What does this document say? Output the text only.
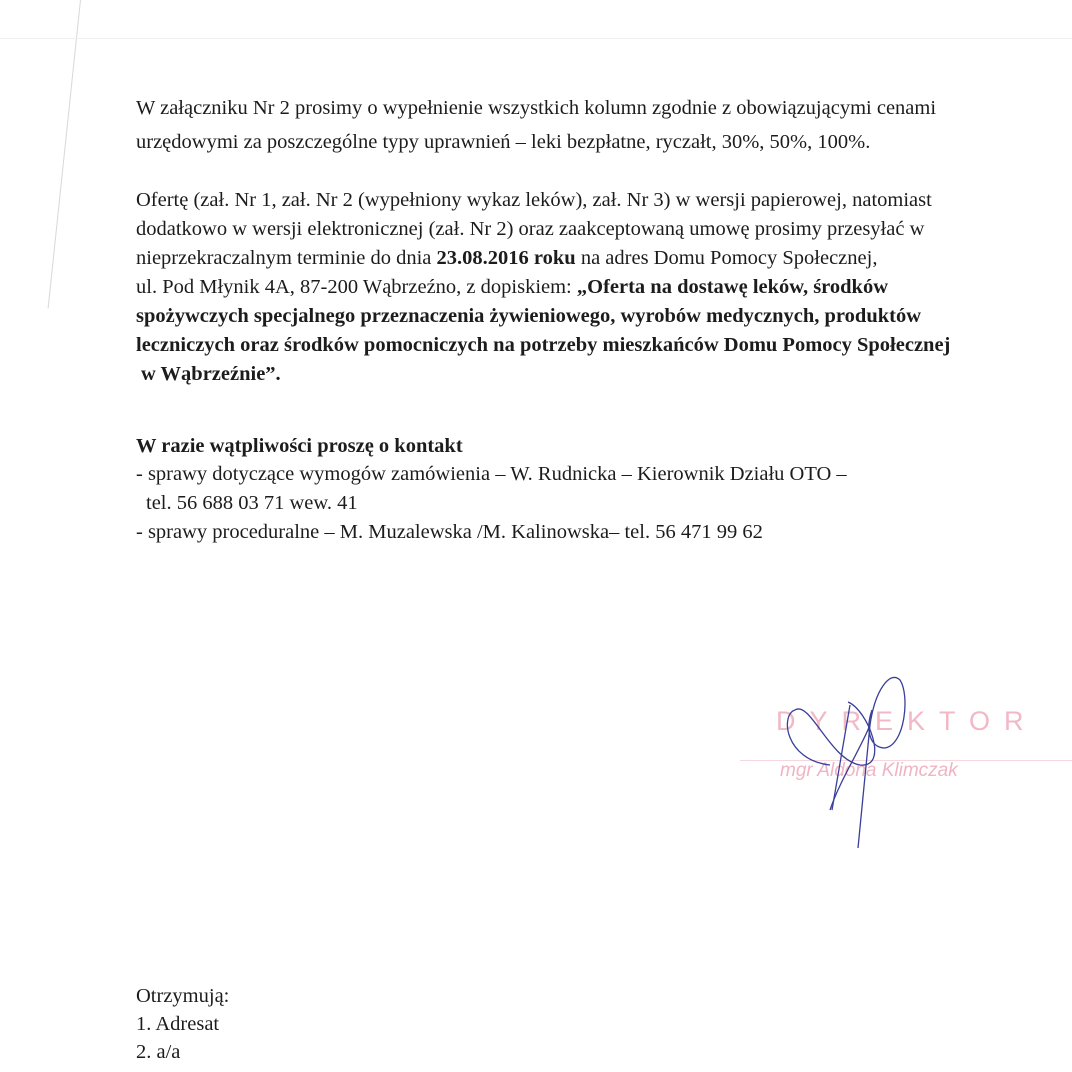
W załączniku Nr 2 prosimy o wypełnienie wszystkich kolumn zgodnie z obowiązującymi cenami
urzędowymi za poszczególne typy uprawnień – leki bezpłatne, ryczałt, 30%, 50%, 100%.
Ofertę (zał. Nr 1, zał. Nr 2 (wypełniony wykaz leków), zał. Nr 3) w wersji papierowej, natomiast
dodatkowo w wersji elektronicznej (zał. Nr 2) oraz zaakceptowaną umowę prosimy przesyłać w
nieprzekraczalnym terminie do dnia 23.08.2016 roku na adres Domu Pomocy Społecznej,
ul. Pod Młynik 4A, 87-200 Wąbrzeźno, z dopiskiem: „Oferta na dostawę leków, środków
spożywczych specjalnego przeznaczenia żywieniowego, wyrobów medycznych, produktów
leczniczych oraz środków pomocniczych na potrzeby mieszkańców Domu Pomocy Społecznej
w Wąbrzeźnie”.
W razie wątpliwości proszę o kontakt
- sprawy dotyczące wymogów zamówienia – W. Rudnicka – Kierownik Działu OTO –
tel. 56 688 03 71 wew. 41
- sprawy proceduralne – M. Muzalewska /M. Kalinowska– tel. 56 471 99 62
DYREKTOR
mgr Aldona Klimczak
Otrzymują:
1. Adresat
2. a/a
